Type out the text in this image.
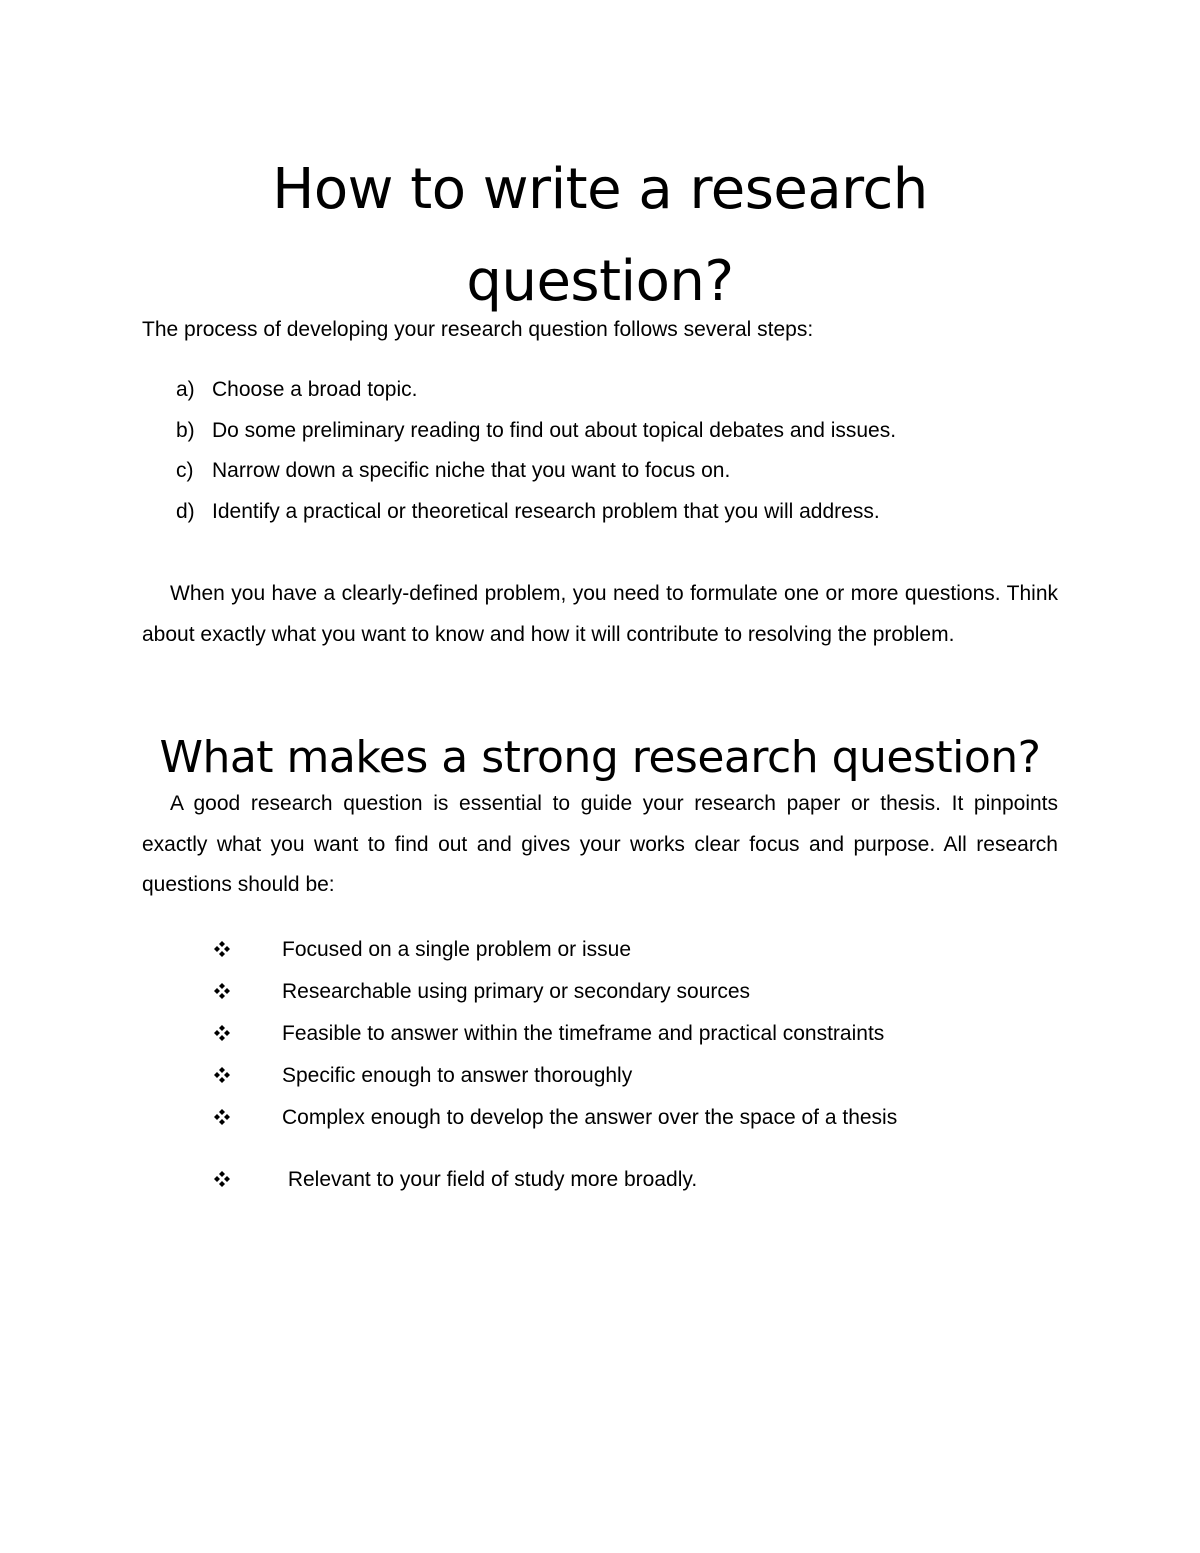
How to write a research
question?

The process of developing your research question follows several steps:

a) Choose a broad topic.
b) Do some preliminary reading to find out about topical debates and issues.
c) Narrow down a specific niche that you want to focus on.
d) Identify a practical or theoretical research problem that you will address.

When you have a clearly-defined problem, you need to formulate one or more questions. Think about exactly what you want to know and how it will contribute to resolving the problem.

What makes a strong research question?

A good research question is essential to guide your research paper or thesis. It pinpoints exactly what you want to find out and gives your works clear focus and purpose. All research questions should be:

Focused on a single problem or issue
Researchable using primary or secondary sources
Feasible to answer within the timeframe and practical constraints
Specific enough to answer thoroughly
Complex enough to develop the answer over the space of a thesis
Relevant to your field of study more broadly.
